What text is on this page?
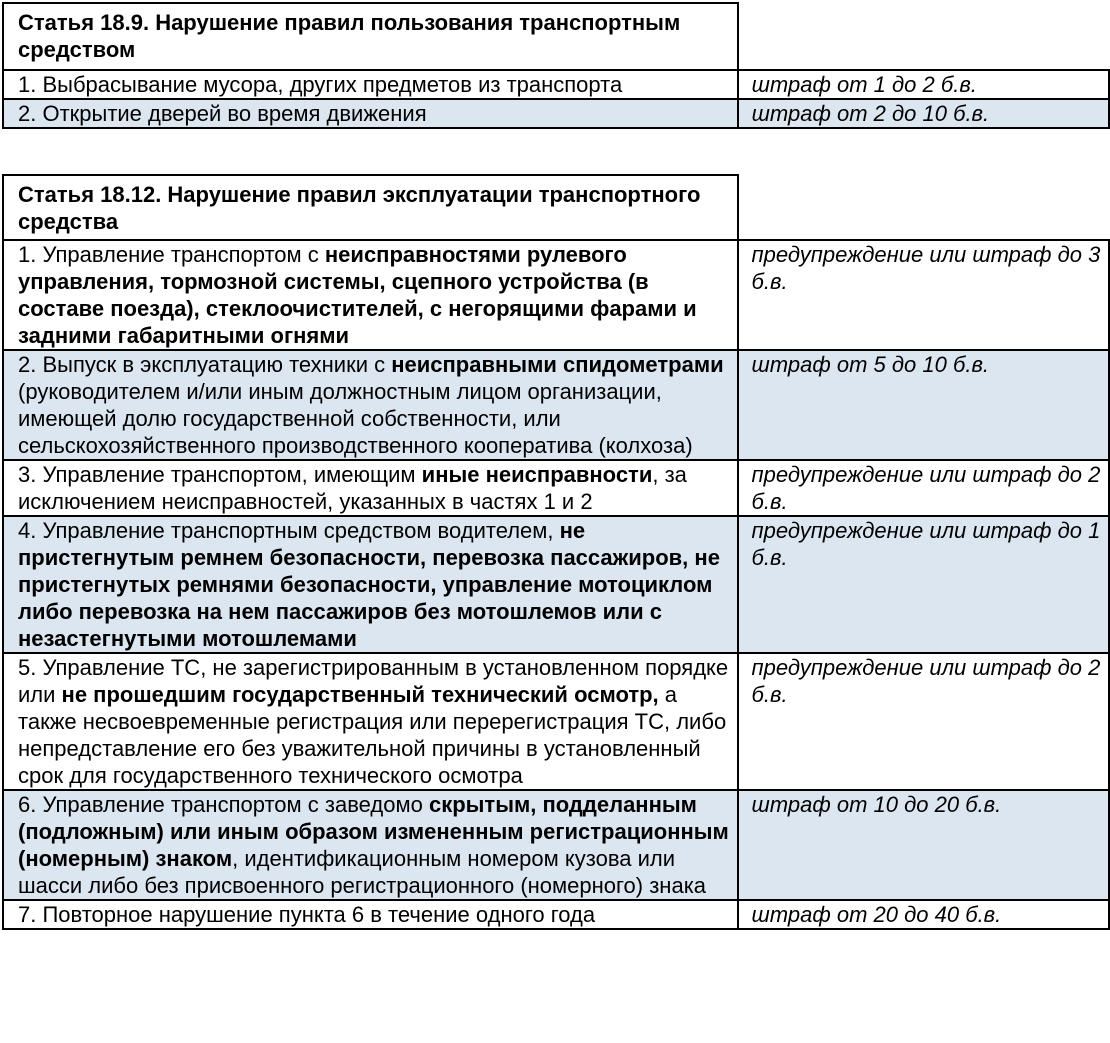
Статья 18.9. Нарушение правил пользования транспортным средством	
1. Выбрасывание мусора, других предметов из транспорта	штраф от 1 до 2 б.в.
2. Открытие дверей во время движения	штраф от 2 до 10 б.в.
Статья 18.12. Нарушение правил эксплуатации транспортного средства	
1. Управление транспортом с неисправностями рулевого управления, тормозной системы, сцепного устройства (в составе поезда), стеклоочистителей, с негорящими фарами и задними габаритными огнями	предупреждение или штраф до 3 б.в.
2. Выпуск в эксплуатацию техники с неисправными спидометрами (руководителем и/или иным должностным лицом организации, имеющей долю государственной собственности, или сельскохозяйственного производственного кооператива (колхоза)	штраф от 5 до 10 б.в.
3. Управление транспортом, имеющим иные неисправности, за исключением неисправностей, указанных в частях 1 и 2	предупреждение или штраф до 2 б.в.
4. Управление транспортным средством водителем, не пристегнутым ремнем безопасности, перевозка пассажиров, не пристегнутых ремнями безопасности, управление мотоциклом либо перевозка на нем пассажиров без мотошлемов или с незастегнутыми мотошлемами	предупреждение или штраф до 1 б.в.
5. Управление ТС, не зарегистрированным в установленном порядке или не прошедшим государственный технический осмотр, а также несвоевременные регистрация или перерегистрация ТС, либо непредставление его без уважительной причины в установленный срок для государственного технического осмотра	предупреждение или штраф до 2 б.в.
6. Управление транспортом с заведомо скрытым, подделанным (подложным) или иным образом измененным регистрационным (номерным) знаком, идентификационным номером кузова или шасси либо без присвоенного регистрационного (номерного) знака	штраф от 10 до 20 б.в.
7. Повторное нарушение пункта 6 в течение одного года	штраф от 20 до 40 б.в.
